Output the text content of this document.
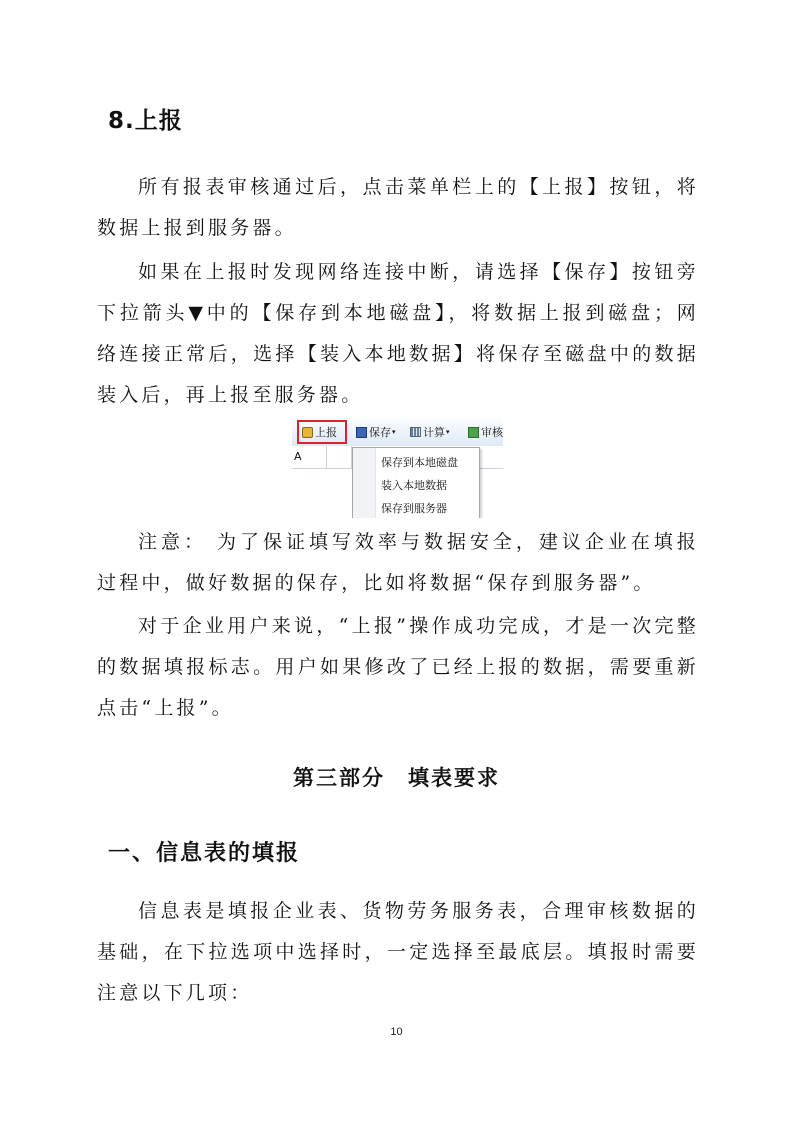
8.上报

所有报表审核通过后，点击菜单栏上的【上报】按钮，将数据上报到服务器。

如果在上报时发现网络连接中断，请选择【保存】按钮旁下拉箭头▼中的【保存到本地磁盘】，将数据上报到磁盘；网络连接正常后，选择【装入本地数据】将保存至磁盘中的数据装入后，再上报至服务器。

上报	保存 ▾ 计算 ▾	审核
A	保存到本地磁盘
装入本地数据
保存到服务器

注意： 为了保证填写效率与数据安全，建议企业在填报过程中，做好数据的保存，比如将数据“保存到服务器”。

对于企业用户来说，“上报”操作成功完成，才是一次完整的数据填报标志。用户如果修改了已经上报的数据，需要重新点击“上报”。

第三部分　填表要求
一、信息表的填报

信息表是填报企业表、货物劳务服务表，合理审核数据的基础，在下拉选项中选择时，一定选择至最底层。填报时需要注意以下几项：

10
